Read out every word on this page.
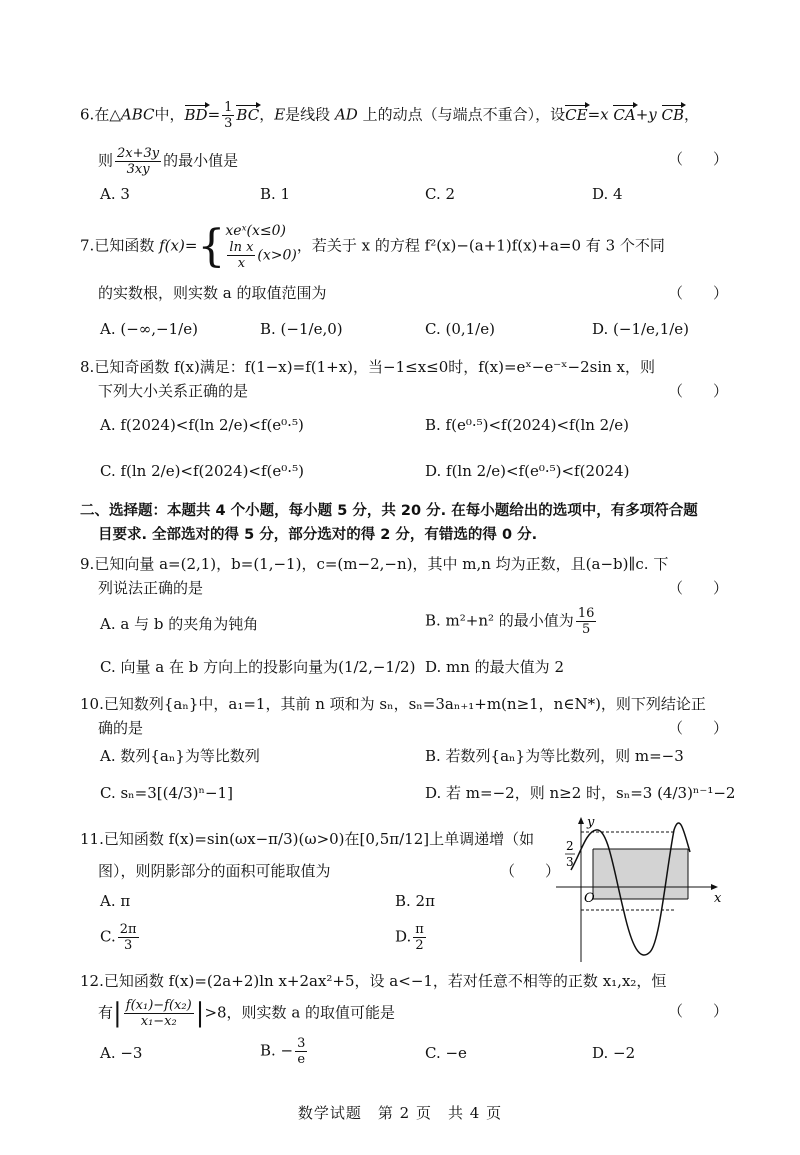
6.在△ABC中，$BD= \frac{1}{3}$ BC，E是线段 AD 上的动点（与端点不重合），设CE=x CA+y CB，
则 $\frac{2x+3y}{3xy}$ 的最小值是	（　　）
A. 3	B. 1	C. 2	D. 4
7.已知函数 f(x)={ xeˣ(x≤0)
$\frac{\text{ln x}}{x} (x>0)$
，若关于 x 的方程 f²(x)−(a+1)f(x)+a=0 有 3 个不同
的实数根，则实数 a 的取值范围为	（　　）
A. (−∞,−1/e)	B. (−1/e,0)	C. (0,1/e)	D. (−1/e,1/e)
8.已知奇函数 f(x)满足：f(1−x)=f(1+x)，当−1≤x≤0时，f(x)=eˣ−e⁻ˣ−2sin x，则
下列大小关系正确的是	（　　）
A. f(2024)<f(ln 2/e)<f(e⁰·⁵)	B. f(e⁰·⁵)<f(2024)<f(ln 2/e)
C. f(ln 2/e)<f(2024)<f(e⁰·⁵)	D. f(ln 2/e)<f(e⁰·⁵)<f(2024)
二、选择题：本题共 4 个小题，每小题 5 分，共 20 分. 在每小题给出的选项中，有多项符合题
目要求. 全部选对的得 5 分，部分选对的得 2 分，有错选的得 0 分.
9.已知向量 a=(2,1)，b=(1,−1)，c=(m−2,−n)，其中 m,n 均为正数，且(a−b)∥c. 下
列说法正确的是	（　　）
A. a 与 b 的夹角为钝角	B. m²+n² 的最小值为 $\frac{16}{5}$
C. 向量 a 在 b 方向上的投影向量为(1/2,−1/2) D. mn 的最大值为 2
10.已知数列{aₙ}中，a₁=1，其前 n 项和为 sₙ，sₙ=3aₙ₊₁+m(n≥1，n∈N*)，则下列结论正
确的是	（　　）
A. 数列{aₙ}为等比数列	B. 若数列{aₙ}为等比数列，则 m=−3
C. sₙ=3[(4/3)ⁿ−1]	D. 若 m=−2，则 n≥2 时，sₙ=3 (4/3)ⁿ⁻¹−2
11.已知函数 f(x)=sin(ωx−π/3)(ω>0)在[0,5π/12]上单调递增（如
图），则阴影部分的面积可能取值为	（　　）
A. π	B. 2π
C. $\frac{2\pi}{3}$	D. $\frac{\pi}{2}$
y
x
O
2
3
12.已知函数 f(x)=(2a+2)ln x+2ax²+5，设 a<−1，若对任意不相等的正数 x₁,x₂，恒
有| $\frac{\text{f(x₁)−f(x₂)}}{\text{x₁−x₂}} |>8$，则实数 a 的取值可能是	（　　）
A. −3	B. − $\frac{3}{e}$	C. −e	D. −2
数学试题　第 2 页　共 4 页
